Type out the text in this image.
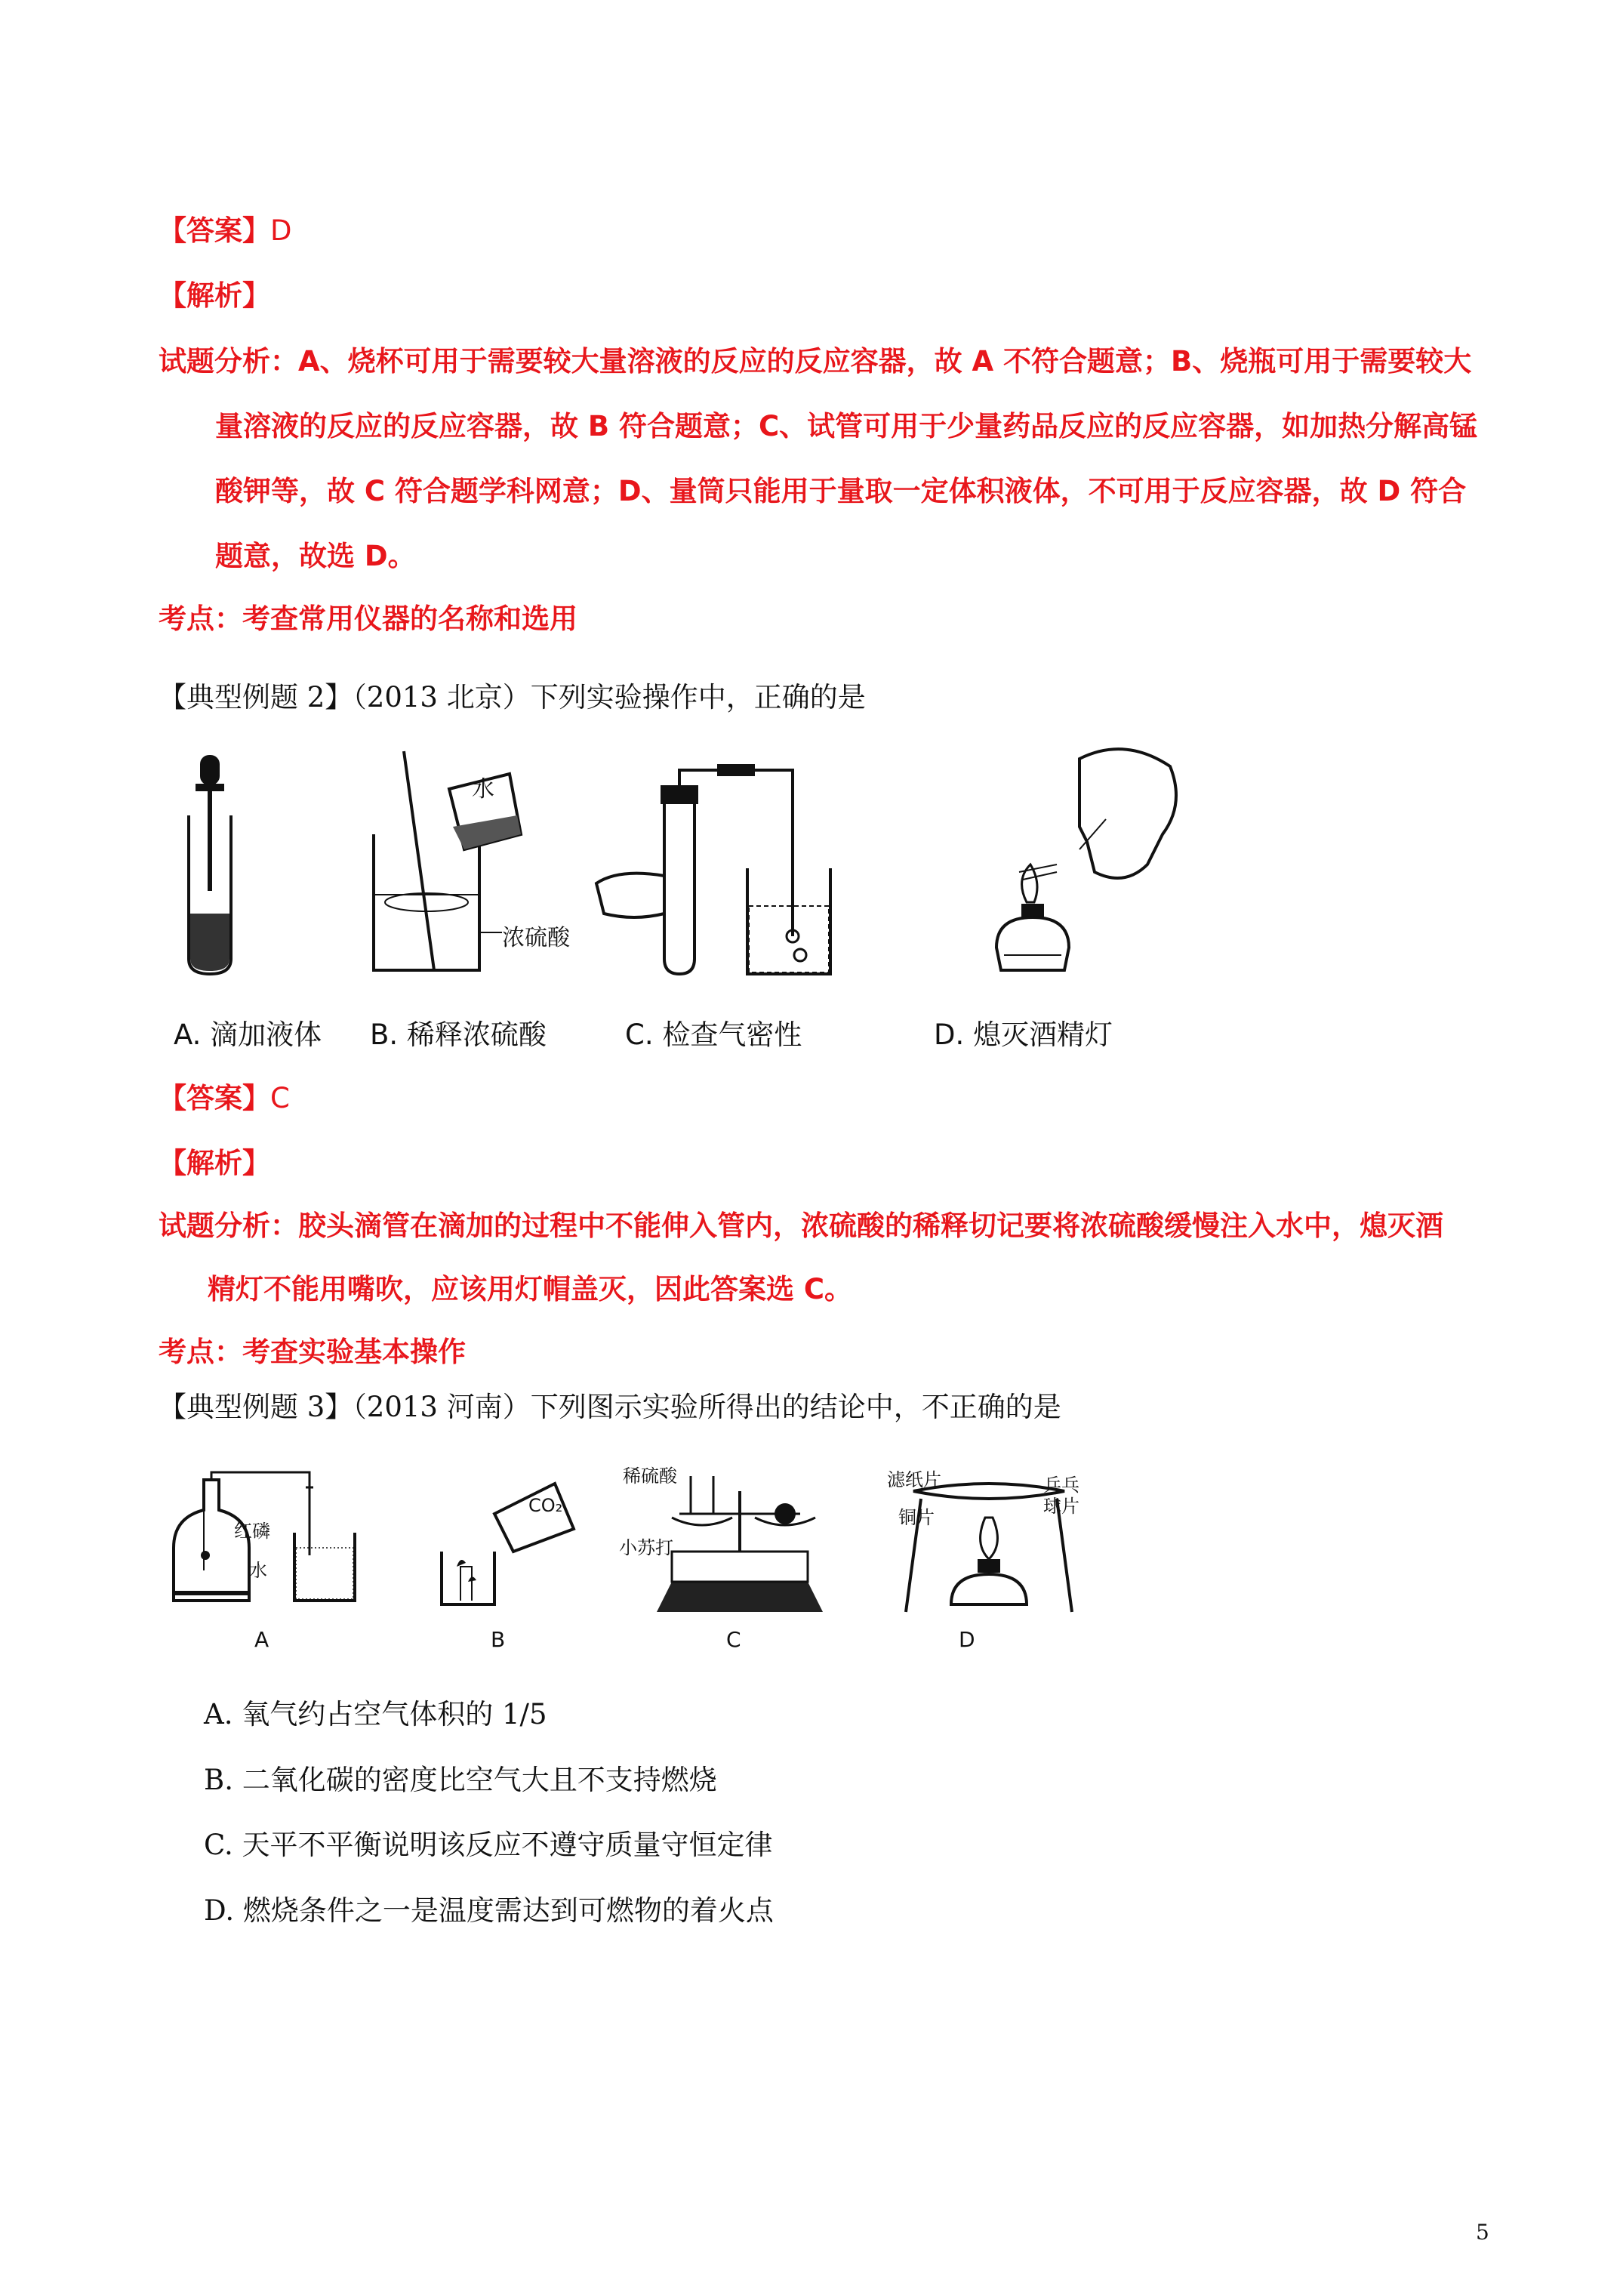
【答案】D
【解析】
试题分析：A、烧杯可用于需要较大量溶液的反应的反应容器，故 A 不符合题意；B、烧瓶可用于需要较大
量溶液的反应的反应容器，故 B 符合题意；C、试管可用于少量药品反应的反应容器，如加热分解高锰
酸钾等，故 C 符合题学科网意；D、量筒只能用于量取一定体积液体，不可用于反应容器，故 D 符合
题意，故选 D。
考点：考查常用仪器的名称和选用
【典型例题 2】（2013 北京）下列实验操作中，正确的是
水
浓硫酸
A. 滴加液体 B. 稀释浓硫酸	C. 检查气密性	D. 熄灭酒精灯
【答案】C
【解析】
试题分析：胶头滴管在滴加的过程中不能伸入管内，浓硫酸的稀释切记要将浓硫酸缓慢注入水中，熄灭酒
精灯不能用嘴吹，应该用灯帽盖灭，因此答案选 C。
考点：考查实验基本操作
【典型例题 3】（2013 河南）下列图示实验所得出的结论中，不正确的是
红磷
水
A
CO₂
B
稀硫酸
小苏打
C
滤纸片	乒乓
球片
铜片
D
A. 氧气约占空气体积的 1/5
B. 二氧化碳的密度比空气大且不支持燃烧
C. 天平不平衡说明该反应不遵守质量守恒定律
D. 燃烧条件之一是温度需达到可燃物的着火点
5
